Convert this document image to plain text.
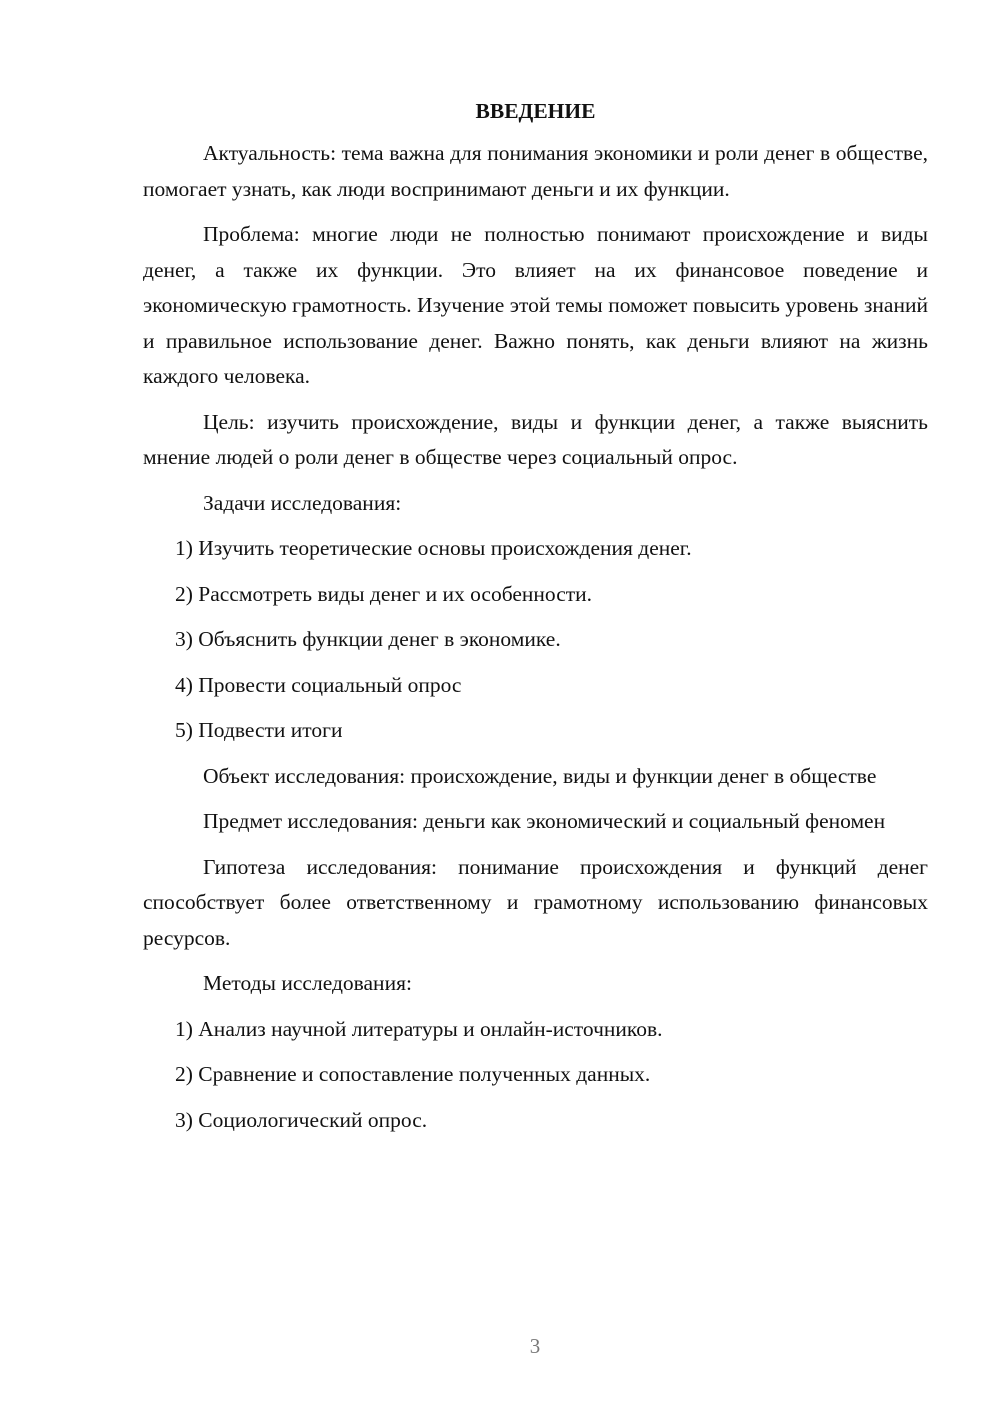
ВВЕДЕНИЕ

Актуальность: тема важна для понимания экономики и роли денег в обществе, помогает узнать, как люди воспринимают деньги и их функции.

Проблема: многие люди не полностью понимают происхождение и виды денег, а также их функции. Это влияет на их финансовое поведение и экономическую грамотность. Изучение этой темы поможет повысить уровень знаний и правильное использование денег. Важно понять, как деньги влияют на жизнь каждого человека.

Цель: изучить происхождение, виды и функции денег, а также выяснить мнение людей о роли денег в обществе через социальный опрос.

Задачи исследования:

1) Изучить теоретические основы происхождения денег.
2) Рассмотреть виды денег и их особенности.
3) Объяснить функции денег в экономике.
4) Провести социальный опрос
5) Подвести итоги

Объект исследования: происхождение, виды и функции денег в обществе

Предмет исследования: деньги как экономический и социальный феномен

Гипотеза исследования: понимание происхождения и функций денег способствует более ответственному и грамотному использованию финансовых ресурсов.

Методы исследования:

1) Анализ научной литературы и онлайн-источников.
2) Сравнение и сопоставление полученных данных.
3) Социологический опрос.
3
